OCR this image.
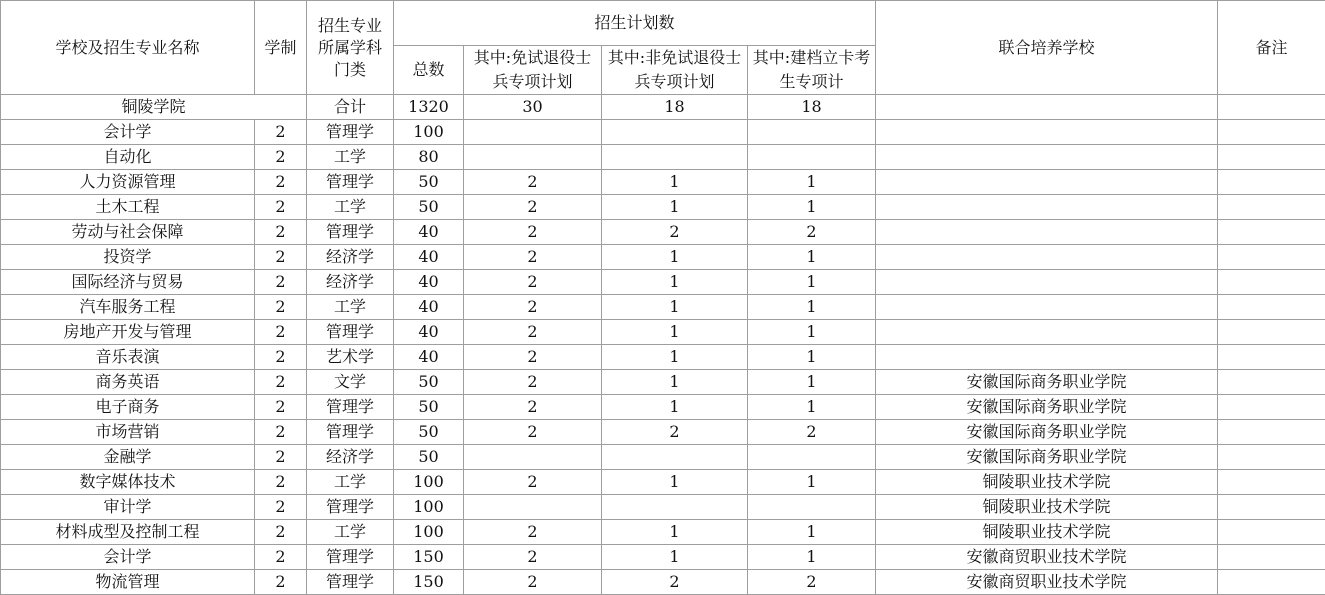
学校及招生专业名称	学制	招生专业所属学科门类	招生计划数				联合培养学校	备注
			总数	其中:免试退役士兵专项计划	其中:非免试退役士兵专项计划	其中:建档立卡考生专项计		
铜陵学院		合计	1320	30	18	18		
会计学	2	管理学	100					
自动化	2	工学	80					
人力资源管理	2	管理学	50	2	1	1		
土木工程	2	工学	50	2	1	1		
劳动与社会保障	2	管理学	40	2	2	2		
投资学	2	经济学	40	2	1	1		
国际经济与贸易	2	经济学	40	2	1	1		
汽车服务工程	2	工学	40	2	1	1		
房地产开发与管理	2	管理学	40	2	1	1		
音乐表演	2	艺术学	40	2	1	1		
商务英语	2	文学	50	2	1	1	安徽国际商务职业学院	
电子商务	2	管理学	50	2	1	1	安徽国际商务职业学院	
市场营销	2	管理学	50	2	2	2	安徽国际商务职业学院	
金融学	2	经济学	50				安徽国际商务职业学院	
数字媒体技术	2	工学	100	2	1	1	铜陵职业技术学院	
审计学	2	管理学	100				铜陵职业技术学院	
材料成型及控制工程	2	工学	100	2	1	1	铜陵职业技术学院	
会计学	2	管理学	150	2	1	1	安徽商贸职业技术学院	
物流管理	2	管理学	150	2	2	2	安徽商贸职业技术学院	
